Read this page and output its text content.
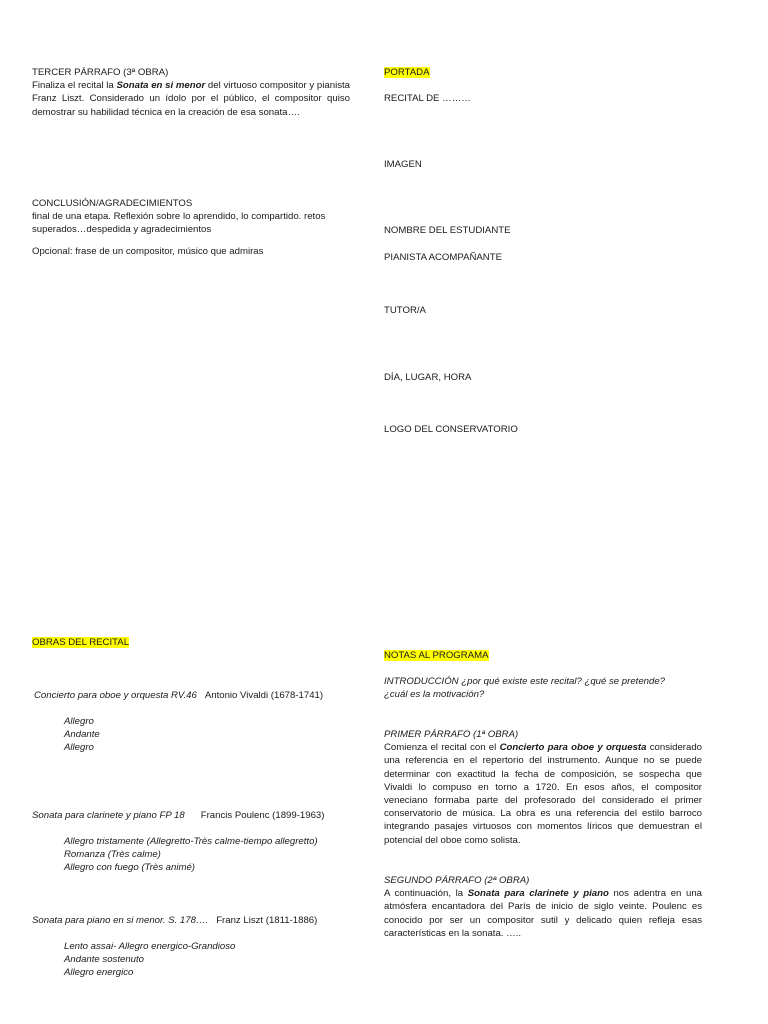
TERCER PÁRRAFO (3ª OBRA)

Finaliza el recital la Sonata en si menor del virtuoso compositor y pianista Franz Liszt. Considerado un ídolo por el público, el compositor quiso demostrar su habilidad técnica en la creación de esa sonata….

CONCLUSIÓN/AGRADECIMIENTOS

final de una etapa. Reflexión sobre lo aprendido, lo compartido. retos superados…despedida y agradecimientos

Opcional: frase de un compositor, músico que admiras

PORTADA
RECITAL DE ………
IMAGEN
NOMBRE DEL ESTUDIANTE
PIANISTA ACOMPAÑANTE
TUTOR/A
DÍA, LUGAR, HORA
LOGO DEL CONSERVATORIO
OBRAS DEL RECITAL
Concierto para oboe y orquesta RV.46 Antonio Vivaldi (1678-1741)

Allegro

Andante

Allegro

Sonata para clarinete y piano FP 18 Francis Poulenc (1899-1963)

Allegro tristamente (Allegretto-Très calme-tiempo allegretto)

Romanza (Très calme)

Allegro con fuego (Très animé)

Sonata para piano en si menor. S. 178…. Franz Liszt (1811-1886)

Lento assai- Allegro energico-Grandioso

Andante sostenuto

Allegro energico

NOTAS AL PROGRAMA
INTRODUCCIÓN ¿por qué existe este recital? ¿qué se pretende? ¿cuál es la motivación?

PRIMER PÁRRAFO (1ª OBRA)

Comienza el recital con el Concierto para oboe y orquesta considerado una referencia en el repertorio del instrumento. Aunque no se puede determinar con exactitud la fecha de composición, se sospecha que Vivaldi lo compuso en torno a 1720. En esos años, el compositor veneciano formaba parte del profesorado del considerado el primer conservatorio de música. La obra es una referencia del estilo barroco integrando pasajes virtuosos con momentos líricos que demuestran el potencial del oboe como solista.

SEGUNDO PÁRRAFO (2ª OBRA)

A continuación, la Sonata para clarinete y piano nos adentra en una atmósfera encantadora del París de inicio de siglo veinte. Poulenc es conocido por ser un compositor sutil y delicado quien refleja esas características en la sonata. …..
